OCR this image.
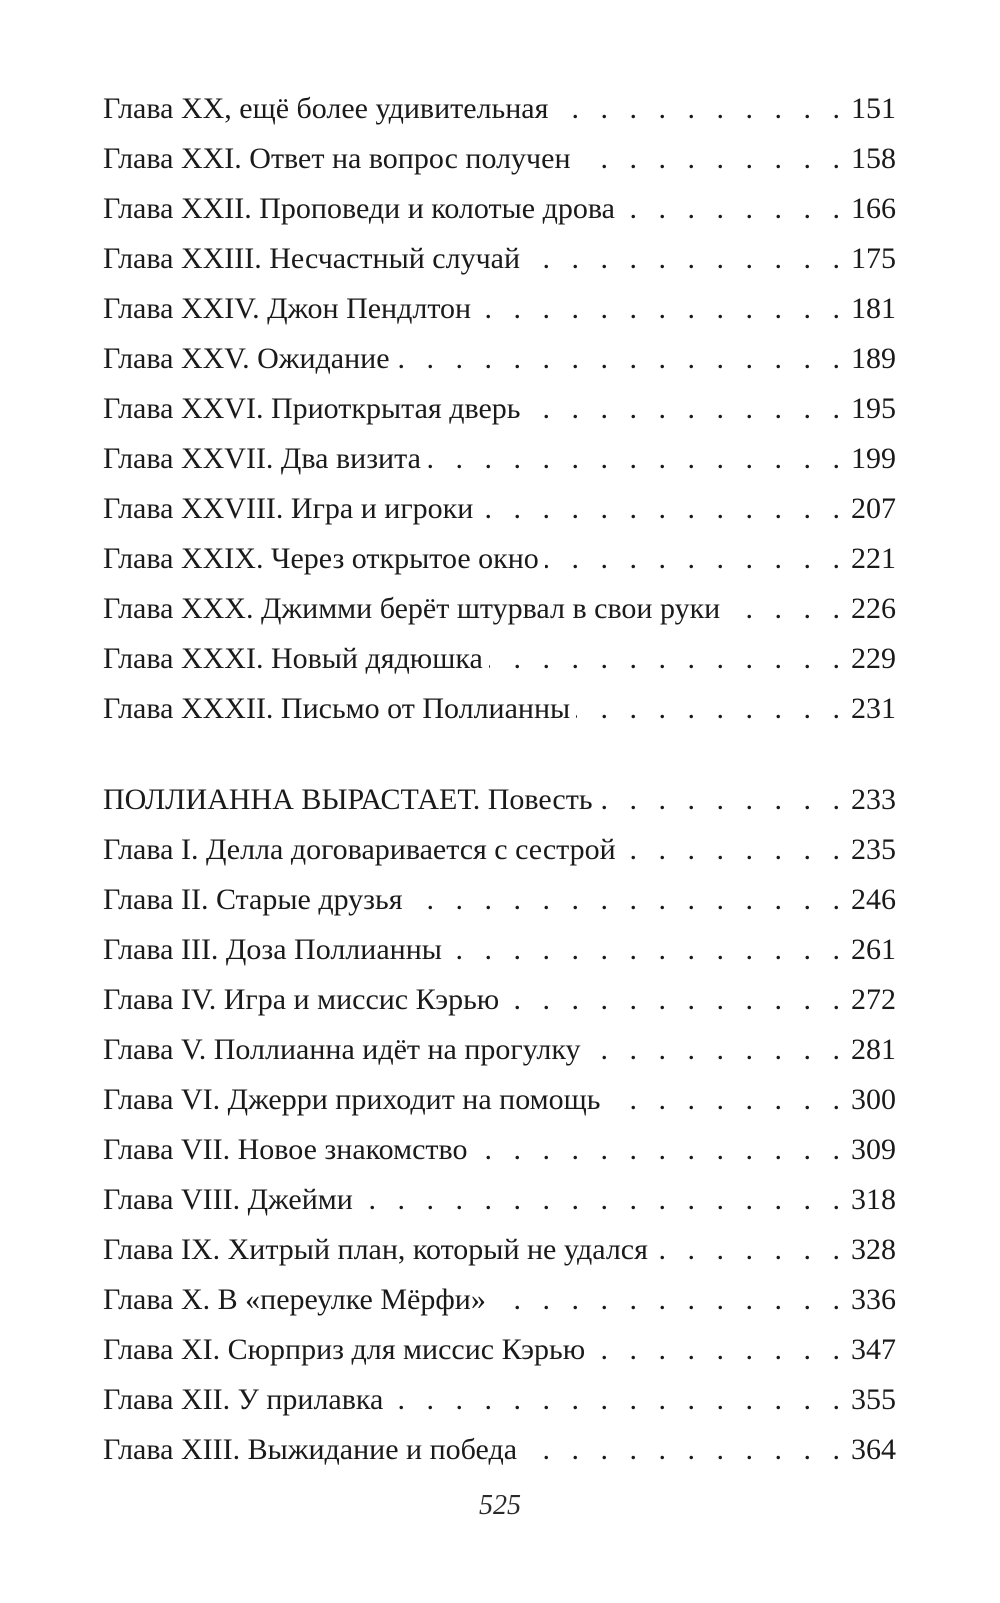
Глава XX, ещё более удивительная . . .	151
Глава XXI. Ответ на вопрос получен . . .	158
Глава XXII. Проповеди и колотые дрова . . .	166
Глава XXIII. Несчастный случай . . .	175
Глава XXIV. Джон Пендлтон . . .	181
Глава XXV. Ожидание . . .	189
Глава XXVI. Приоткрытая дверь . . .	195
Глава XXVII. Два визита . . .	199
Глава XXVIII. Игра и игроки . . .	207
Глава XXIX. Через открытое окно . . .	221
Глава XXX. Джимми берёт штурвал в свои руки . . .	226
Глава XXXI. Новый дядюшка . . .	229
Глава XXXII. Письмо от Поллианны . . .	231
ПОЛЛИАННА ВЫРАСТАЕТ. Повесть . . .	233
Глава I. Делла договаривается с сестрой . . .	235
Глава II. Старые друзья . . .	246
Глава III. Доза Поллианны . . .	261
Глава IV. Игра и миссис Кэрью . . .	272
Глава V. Поллианна идёт на прогулку . . .	281
Глава VI. Джерри приходит на помощь . . .	300
Глава VII. Новое знакомство . . .	309
Глава VIII. Джейми . . .	318
Глава IX. Хитрый план, который не удался . . .	328
Глава X. В «переулке Мёрфи» . . .	336
Глава XI. Сюрприз для миссис Кэрью . . .	347
Глава XII. У прилавка . . .	355
Глава XIII. Выжидание и победа . . .	364
525
